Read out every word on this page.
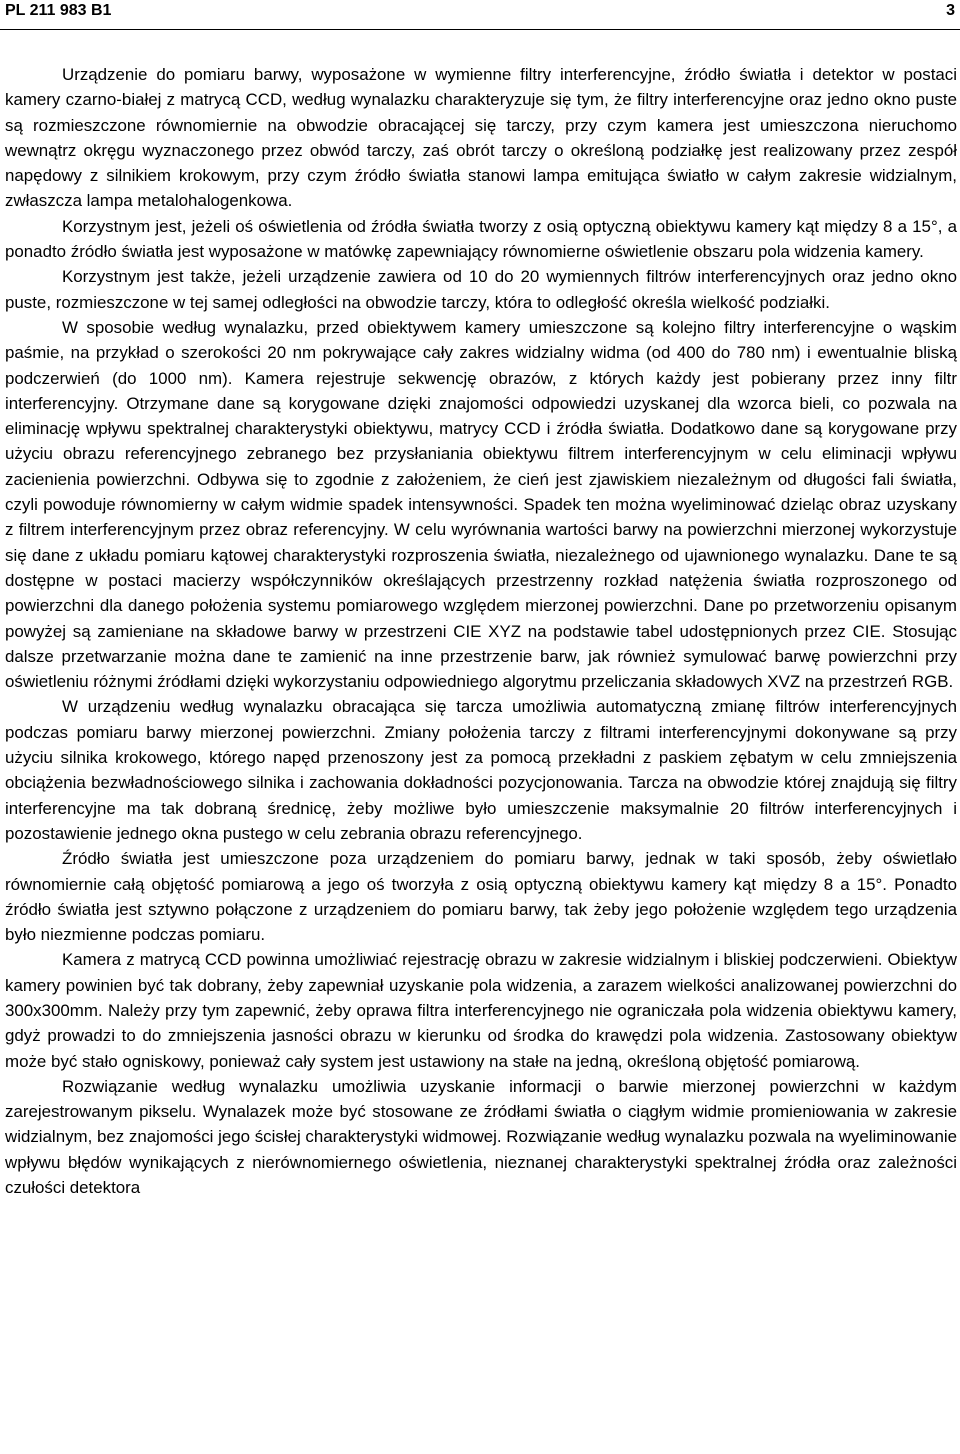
PL 211 983 B1	3

Urządzenie do pomiaru barwy, wyposażone w wymienne filtry interferencyjne, źródło światła i detektor w postaci kamery czarno-białej z matrycą CCD, według wynalazku charakteryzuje się tym, że filtry interferencyjne oraz jedno okno puste są rozmieszczone równomiernie na obwodzie obracającej się tarczy, przy czym kamera jest umieszczona nieruchomo wewnątrz okręgu wyznaczonego przez obwód tarczy, zaś obrót tarczy o określoną podziałkę jest realizowany przez zespół napędowy z silnikiem krokowym, przy czym źródło światła stanowi lampa emitująca światło w całym zakresie widzialnym, zwłaszcza lampa metalohalogenkowa.

Korzystnym jest, jeżeli oś oświetlenia od źródła światła tworzy z osią optyczną obiektywu kamery kąt między 8 a 15°, a ponadto źródło światła jest wyposażone w matówkę zapewniający równomierne oświetlenie obszaru pola widzenia kamery.

Korzystnym jest także, jeżeli urządzenie zawiera od 10 do 20 wymiennych filtrów interferencyjnych oraz jedno okno puste, rozmieszczone w tej samej odległości na obwodzie tarczy, która to odległość określa wielkość podziałki.

W sposobie według wynalazku, przed obiektywem kamery umieszczone są kolejno filtry interferencyjne o wąskim paśmie, na przykład o szerokości 20 nm pokrywające cały zakres widzialny widma (od 400 do 780 nm) i ewentualnie bliską podczerwień (do 1000 nm). Kamera rejestruje sekwencję obrazów, z których każdy jest pobierany przez inny filtr interferencyjny. Otrzymane dane są korygowane dzięki znajomości odpowiedzi uzyskanej dla wzorca bieli, co pozwala na eliminację wpływu spektralnej charakterystyki obiektywu, matrycy CCD i źródła światła. Dodatkowo dane są korygowane przy użyciu obrazu referencyjnego zebranego bez przysłaniania obiektywu filtrem interferencyjnym w celu eliminacji wpływu zacienienia powierzchni. Odbywa się to zgodnie z założeniem, że cień jest zjawiskiem niezależnym od długości fali światła, czyli powoduje równomierny w całym widmie spadek intensywności. Spadek ten można wyeliminować dzieląc obraz uzyskany z filtrem interferencyjnym przez obraz referencyjny. W celu wyrównania wartości barwy na powierzchni mierzonej wykorzystuje się dane z układu pomiaru kątowej charakterystyki rozproszenia światła, niezależnego od ujawnionego wynalazku. Dane te są dostępne w postaci macierzy współczynników określających przestrzenny rozkład natężenia światła rozproszonego od powierzchni dla danego położenia systemu pomiarowego względem mierzonej powierzchni. Dane po przetworzeniu opisanym powyżej są zamieniane na składowe barwy w przestrzeni CIE XYZ na podstawie tabel udostępnionych przez CIE. Stosując dalsze przetwarzanie można dane te zamienić na inne przestrzenie barw, jak również symulować barwę powierzchni przy oświetleniu różnymi źródłami dzięki wykorzystaniu odpowiedniego algorytmu przeliczania składowych XVZ na przestrzeń RGB.

W urządzeniu według wynalazku obracająca się tarcza umożliwia automatyczną zmianę filtrów interferencyjnych podczas pomiaru barwy mierzonej powierzchni. Zmiany położenia tarczy z filtrami interferencyjnymi dokonywane są przy użyciu silnika krokowego, którego napęd przenoszony jest za pomocą przekładni z paskiem zębatym w celu zmniejszenia obciążenia bezwładnościowego silnika i zachowania dokładności pozycjonowania. Tarcza na obwodzie której znajdują się filtry interferencyjne ma tak dobraną średnicę, żeby możliwe było umieszczenie maksymalnie 20 filtrów interferencyjnych i pozostawienie jednego okna pustego w celu zebrania obrazu referencyjnego.

Źródło światła jest umieszczone poza urządzeniem do pomiaru barwy, jednak w taki sposób, żeby oświetlało równomiernie całą objętość pomiarową a jego oś tworzyła z osią optyczną obiektywu kamery kąt między 8 a 15°. Ponadto źródło światła jest sztywno połączone z urządzeniem do pomiaru barwy, tak żeby jego położenie względem tego urządzenia było niezmienne podczas pomiaru.

Kamera z matrycą CCD powinna umożliwiać rejestrację obrazu w zakresie widzialnym i bliskiej podczerwieni. Obiektyw kamery powinien być tak dobrany, żeby zapewniał uzyskanie pola widzenia, a zarazem wielkości analizowanej powierzchni do 300x300mm. Należy przy tym zapewnić, żeby oprawa filtra interferencyjnego nie ograniczała pola widzenia obiektywu kamery, gdyż prowadzi to do zmniejszenia jasności obrazu w kierunku od środka do krawędzi pola widzenia. Zastosowany obiektyw może być stało ogniskowy, ponieważ cały system jest ustawiony na stałe na jedną, określoną objętość pomiarową.

Rozwiązanie według wynalazku umożliwia uzyskanie informacji o barwie mierzonej powierzchni w każdym zarejestrowanym pikselu. Wynalazek może być stosowane ze źródłami światła o ciągłym widmie promieniowania w zakresie widzialnym, bez znajomości jego ścisłej charakterystyki widmowej. Rozwiązanie według wynalazku pozwala na wyeliminowanie wpływu błędów wynikających z nierównomiernego oświetlenia, nieznanej charakterystyki spektralnej źródła oraz zależności czułości detektora
